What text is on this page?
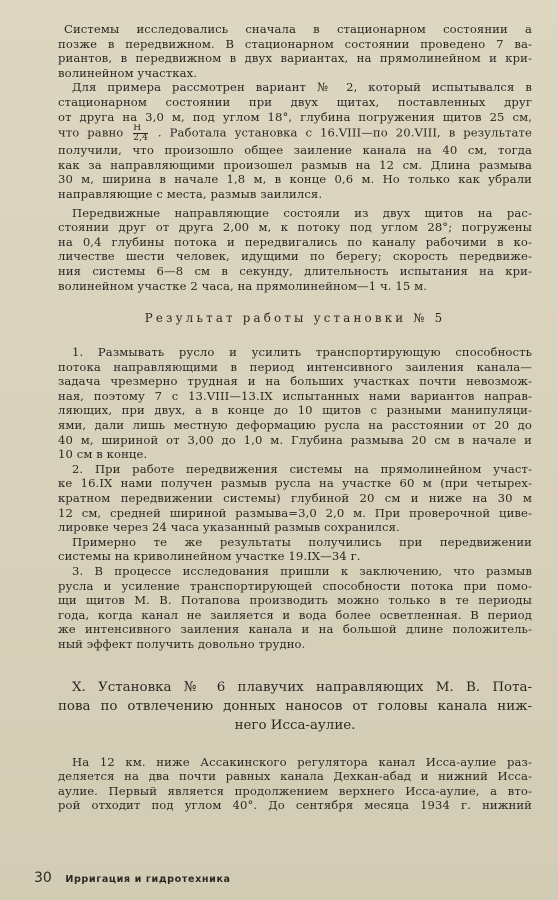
Системы исследовались сначала в стационарном состоянии а
позже в передвижном. В стационарном состоянии проведено 7 ва-
риантов, в передвижном в двух вариантах, на прямолинейном и кри-
волинейном участках.
Для примера рассмотрен вариант № 2, который испытывался в
стационарном состоянии при двух щитах, поставленных друг
от друга на 3,0 м, под углом 18°, глубина погружения щитов 25 см,
что равно $\frac{H}{2,4}$ . Работала установка с 16.VIII—по 20.VIII, в результате
получили, что произошло общее заиление канала на 40 см, тогда
как за направляющими произошел размыв на 12 см. Длина размыва
30 м, ширина в начале 1,8 м, в конце 0,6 м. Но только как убрали
направляющие с места, размыв заилился.
Передвижные направляющие состояли из двух щитов на рас-
стоянии друг от друга 2,00 м, к потоку под углом 28°; погружены
на 0,4 глубины потока и передвигались по каналу рабочими в ко-
личестве шести человек, идущими по берегу; скорость передвиже-
ния системы 6—8 см в секунду, длительность испытания на кри-
волинейном участке 2 часа, на прямолинейном—1 ч. 15 м.
Результат работы установки № 5
1. Размывать русло и усилить транспортирующую способность
потока направляющими в период интенсивного заиления канала—
задача чрезмерно трудная и на больших участках почти невозмож-
ная, поэтому 7 с 13.VIII—13.IX испытанных нами вариантов направ-
ляющих, при двух, а в конце до 10 щитов с разными манипуляци-
ями, дали лишь местную деформацию русла на расстоянии от 20 до
40 м, шириной от 3,00 до 1,0 м. Глубина размыва 20 см в начале и
10 см в конце.
2. При работе передвижения системы на прямолинейном участ-
ке 16.IX нами получен размыв русла на участке 60 м (при четырех-
кратном передвижении системы) глубиной 20 см и ниже на 30 м
12 см, средней шириной размыва=3,0 2,0 м. При проверочной циве-
лировке через 24 часа указанный размыв сохранился.
Примерно те же результаты получились при передвижении
системы на криволинейном участке 19.IX—34 г.
3. В процессе исследования пришли к заключению, что размыв
русла и усиление транспортирующей способности потока при помо-
щи щитов М. В. Потапова производить можно только в те периоды
года, когда канал не заиляется и вода более осветленная. В период
же интенсивного заиления канала и на большой длине положитель-
ный эффект получить довольно трудно.
X. Установка № 6 плавучих направляющих М. В. Пота-
пова по отвлечению донных наносов от головы канала ниж-
него Исса-аулие.
На 12 км. ниже Ассакинского регулятора канал Исса-аулие раз-
деляется на два почти равных канала Дехкан-абад и нижний Исса-
аулие. Первый является продолжением верхнего Исса-аулие, а вто-
рой отходит под углом 40°. До сентября месяца 1934 г. нижний
30 Ирригация и гидротехника
